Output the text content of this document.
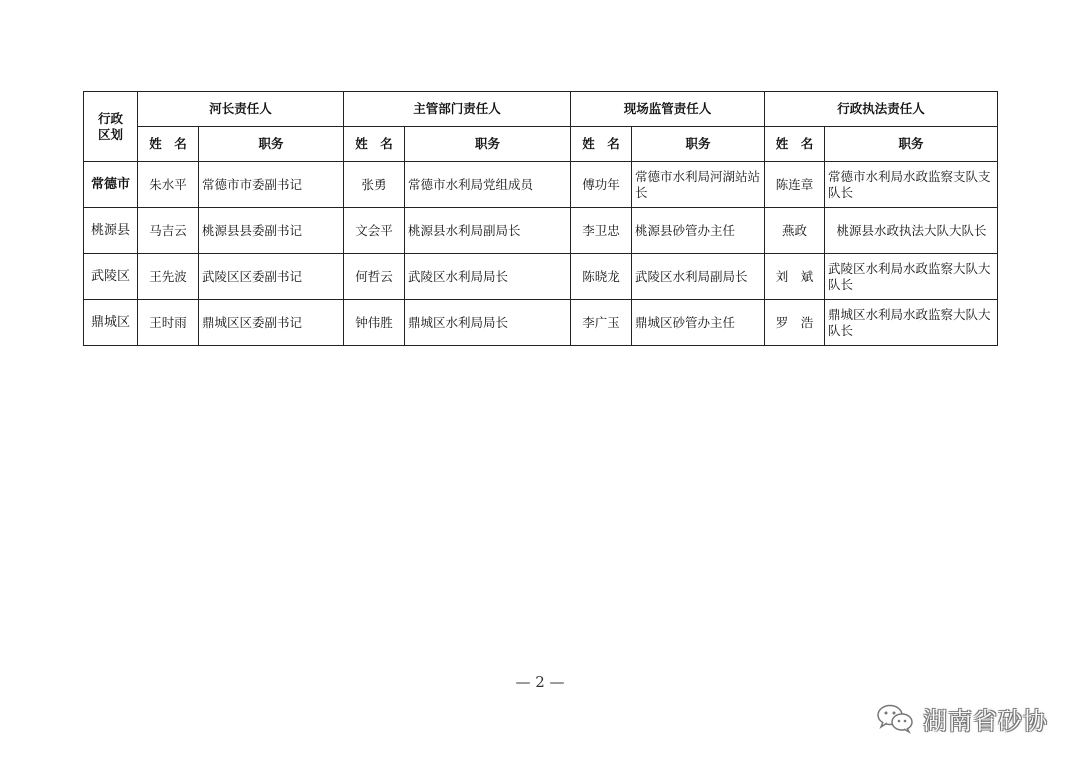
行政
区划	河长责任人		主管部门责任人		现场监管责任人		行政执法责任人	
	姓　名	职务	姓　名	职务	姓　名	职务	姓　名	职务
常德市	朱水平	常德市市委副书记	张勇	常德市水利局党组成员	傅功年	常德市水利局河湖站站长	陈连章	常德市水利局水政监察支队支队长
桃源县	马吉云	桃源县县委副书记	文会平	桃源县水利局副局长	李卫忠	桃源县砂管办主任	燕政	桃源县水政执法大队大队长
武陵区	王先波	武陵区区委副书记	何哲云	武陵区水利局局长	陈晓龙	武陵区水利局副局长	刘　斌	武陵区水利局水政监察大队大队长
鼎城区	王时雨	鼎城区区委副书记	钟伟胜	鼎城区水利局局长	李广玉	鼎城区砂管办主任	罗　浩	鼎城区水利局水政监察大队大队长
— 2 —
湖南省砂协
